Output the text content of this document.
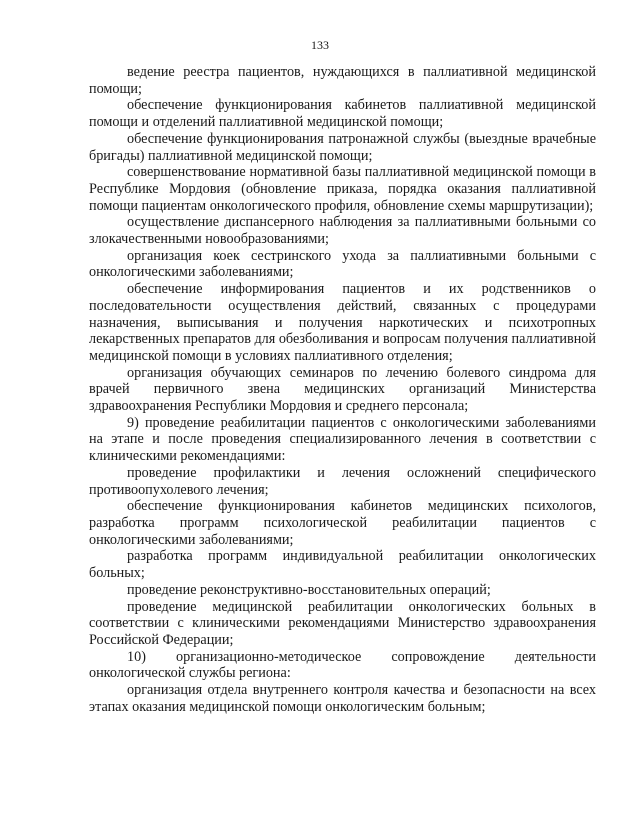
133

ведение реестра пациентов, нуждающихся в паллиативной медицинской помощи;

обеспечение функционирования кабинетов паллиативной медицинской помощи и отделений паллиативной медицинской помощи;

обеспечение функционирования патронажной службы (выездные врачебные бригады) паллиативной медицинской помощи;

совершенствование нормативной базы паллиативной медицинской помощи в Республике Мордовия (обновление приказа, порядка оказания паллиативной помощи пациентам онкологического профиля, обновление схемы маршрутизации);

осуществление диспансерного наблюдения за паллиативными больными со злокачественными новообразованиями;

организация коек сестринского ухода за паллиативными больными с онкологическими заболеваниями;

обеспечение информирования пациентов и их родственников о последовательности осуществления действий, связанных с процедурами назначения, выписывания и получения наркотических и психотропных лекарственных препаратов для обезболивания и вопросам получения паллиативной медицинской помощи в условиях паллиативного отделения;

организация обучающих семинаров по лечению болевого синдрома для врачей первичного звена медицинских организаций Министерства здравоохранения Республики Мордовия и среднего персонала;

9) проведение реабилитации пациентов с онкологическими заболеваниями на этапе и после проведения специализированного лечения в соответствии с клиническими рекомендациями:

проведение профилактики и лечения осложнений специфического противоопухолевого лечения;

обеспечение функционирования кабинетов медицинских психологов, разработка программ психологической реабилитации пациентов с онкологическими заболеваниями;

разработка программ индивидуальной реабилитации онкологических больных;

проведение реконструктивно-восстановительных операций;

проведение медицинской реабилитации онкологических больных в соответствии с клиническими рекомендациями Министерство здравоохранения Российской Федерации;

10) организационно-методическое сопровождение деятельности онкологической службы региона:

организация отдела внутреннего контроля качества и безопасности на всех этапах оказания медицинской помощи онкологическим больным;
